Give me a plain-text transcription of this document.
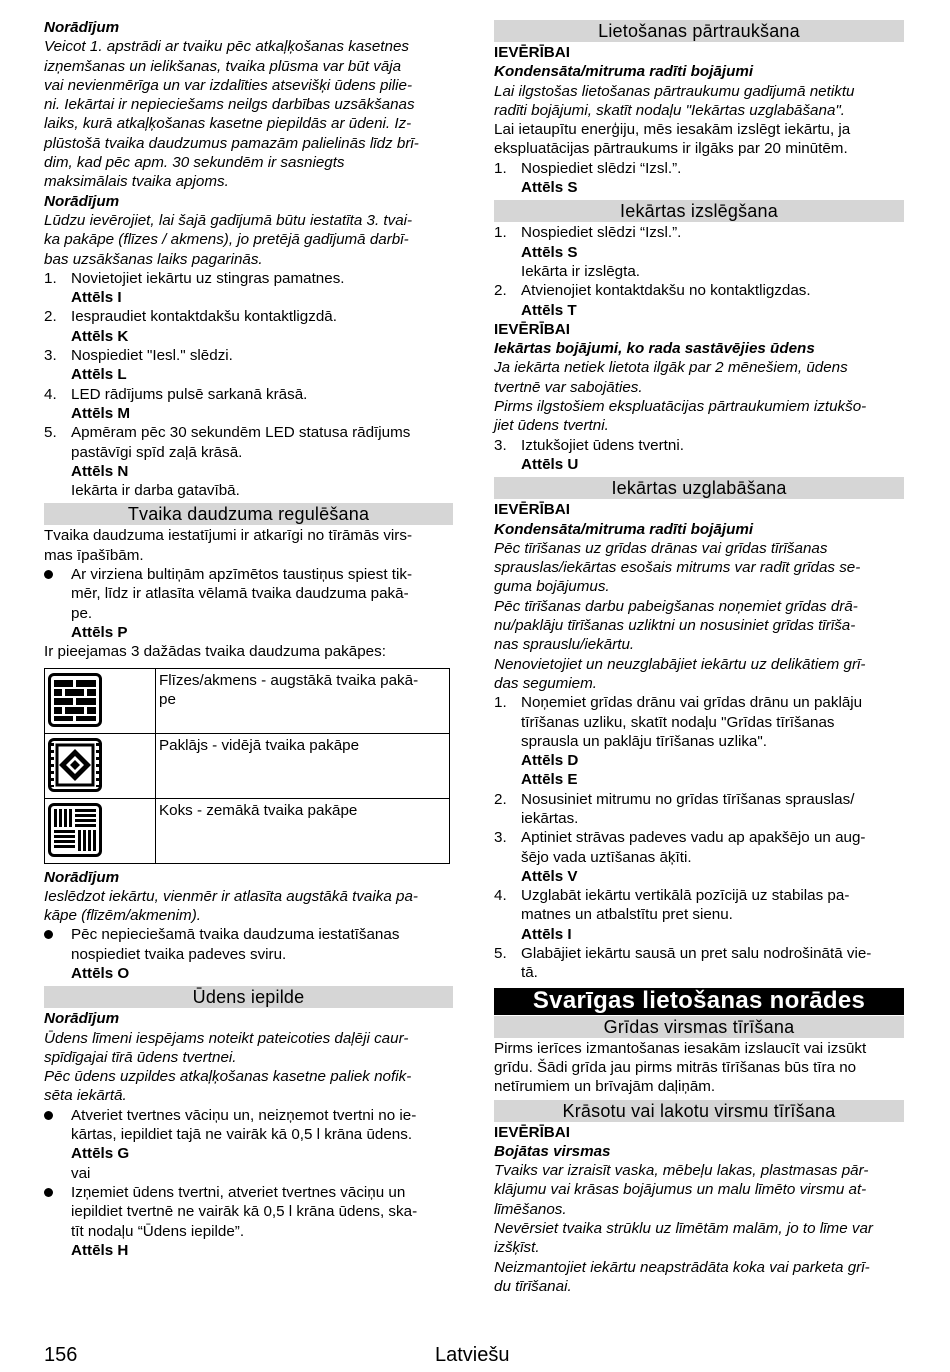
Norādījum

Veicot 1. apstrādi ar tvaiku pēc atkaļķošanas kasetnes

izņemšanas un ielikšanas, tvaika plūsma var būt vāja

vai nevienmērīga un var izdalīties atsevišķi ūdens pilie-

ni. Iekārtai ir nepieciešams neilgs darbības uzsākšanas

laiks, kurā atkaļķošanas kasetne piepildās ar ūdeni. Iz-

plūstošā tvaika daudzumus pamazām palielinās līdz brī-

dim, kad pēc apm. 30 sekundēm ir sasniegts

maksimālais tvaika apjoms.

Norādījum

Lūdzu ievērojiet, lai šajā gadījumā būtu iestatīta 3. tvai-

ka pakāpe (flīzes / akmens), jo pretējā gadījumā darbī-

bas uzsākšanas laiks pagarinās.

1. Novietojiet iekārtu uz stingras pamatnes.

Attēls I

2. Iespraudiet kontaktdakšu kontaktligzdā.

Attēls K

3. Nospiediet "Iesl." slēdzi.

Attēls L

4. LED rādījums pulsē sarkanā krāsā.

Attēls M

5. Apmēram pēc 30 sekundēm LED statusa rādījums

pastāvīgi spīd zaļā krāsā.

Attēls N

Iekārta ir darba gatavībā.

Tvaika daudzuma regulēšana

Tvaika daudzuma iestatījumi ir atkarīgi no tīrāmās virs-

mas īpašībām.

Ar virziena bultiņām apzīmētos taustiņus spiest tik-

mēr, līdz ir atlasīta vēlamā tvaika daudzuma pakā-

pe.

Attēls P

Ir pieejamas 3 dažādas tvaika daudzuma pakāpes:

	Flīzes/akmens - augstākā tvaika pakā-
pe

	Paklājs - vidējā tvaika pakāpe

	Koks - zemākā tvaika pakāpe

Norādījum

Ieslēdzot iekārtu, vienmēr ir atlasīta augstākā tvaika pa-

kāpe (flīzēm/akmenim).

Pēc nepieciešamā tvaika daudzuma iestatīšanas

nospiediet tvaika padeves sviru.

Attēls O

Ūdens iepilde

Norādījum

Ūdens līmeni iespējams noteikt pateicoties daļēji caur-

spīdīgajai tīrā ūdens tvertnei.

Pēc ūdens uzpildes atkaļķošanas kasetne paliek nofik-

sēta iekārtā.

Atveriet tvertnes vāciņu un, neizņemot tvertni no ie-

kārtas, iepildiet tajā ne vairāk kā 0,5 l krāna ūdens.

Attēls G

vai

Izņemiet ūdens tvertni, atveriet tvertnes vāciņu un

iepildiet tvertnē ne vairāk kā 0,5 l krāna ūdens, ska-

tīt nodaļu “Ūdens iepilde”.

Attēls H

Lietošanas pārtraukšana

IEVĒRĪBAI

Kondensāta/mitruma radīti bojājumi

Lai ilgstošas lietošanas pārtraukumu gadījumā netiktu

radīti bojājumi, skatīt nodaļu "Iekārtas uzglabāšana".

Lai ietaupītu enerģiju, mēs iesakām izslēgt iekārtu, ja

ekspluatācijas pārtraukums ir ilgāks par 20 minūtēm.

1. Nospiediet slēdzi “Izsl.”.

Attēls S

Iekārtas izslēgšana
1. Nospiediet slēdzi “Izsl.”.

Attēls S

Iekārta ir izslēgta.

2. Atvienojiet kontaktdakšu no kontaktligzdas.

Attēls T

IEVĒRĪBAI

Iekārtas bojājumi, ko rada sastāvējies ūdens

Ja iekārta netiek lietota ilgāk par 2 mēnešiem, ūdens

tvertnē var sabojāties.

Pirms ilgstošiem ekspluatācijas pārtraukumiem iztukšo-

jiet ūdens tvertni.

3. Iztukšojiet ūdens tvertni.

Attēls U

Iekārtas uzglabāšana

IEVĒRĪBAI

Kondensāta/mitruma radīti bojājumi

Pēc tīrīšanas uz grīdas drānas vai grīdas tīrīšanas

sprauslas/iekārtas esošais mitrums var radīt grīdas se-

guma bojājumus.

Pēc tīrīšanas darbu pabeigšanas noņemiet grīdas drā-

nu/paklāju tīrīšanas uzliktni un nosusiniet grīdas tīrīša-

nas sprauslu/iekārtu.

Nenovietojiet un neuzglabājiet iekārtu uz delikātiem grī-

das segumiem.

1. Noņemiet grīdas drānu vai grīdas drānu un paklāju

tīrīšanas uzliku, skatīt nodaļu "Grīdas tīrīšanas

sprausla un paklāju tīrīšanas uzlika".

Attēls D

Attēls E

2. Nosusiniet mitrumu no grīdas tīrīšanas sprauslas/

iekārtas.

3. Aptiniet strāvas padeves vadu ap apakšējo un aug-

šējo vada uztīšanas āķīti.

Attēls V

4. Uzglabāt iekārtu vertikālā pozīcijā uz stabilas pa-

matnes un atbalstītu pret sienu.

Attēls I

5. Glabājiet iekārtu sausā un pret salu nodrošinātā vie-

tā.

Svarīgas lietošanas norādes
Grīdas virsmas tīrīšana

Pirms ierīces izmantošanas iesakām izslaucīt vai izsūkt

grīdu. Šādi grīda jau pirms mitrās tīrīšanas būs tīra no

netīrumiem un brīvajām daļiņām.

Krāsotu vai lakotu virsmu tīrīšana

IEVĒRĪBAI

Bojātas virsmas

Tvaiks var izraisīt vaska, mēbeļu lakas, plastmasas pār-

klājumu vai krāsas bojājumus un malu līmēto virsmu at-

līmēšanos.

Nevērsiet tvaika strūklu uz līmētām malām, jo to līme var

izšķīst.

Neizmantojiet iekārtu neapstrādāta koka vai parketa grī-

du tīrīšanai.

156	Latviešu
